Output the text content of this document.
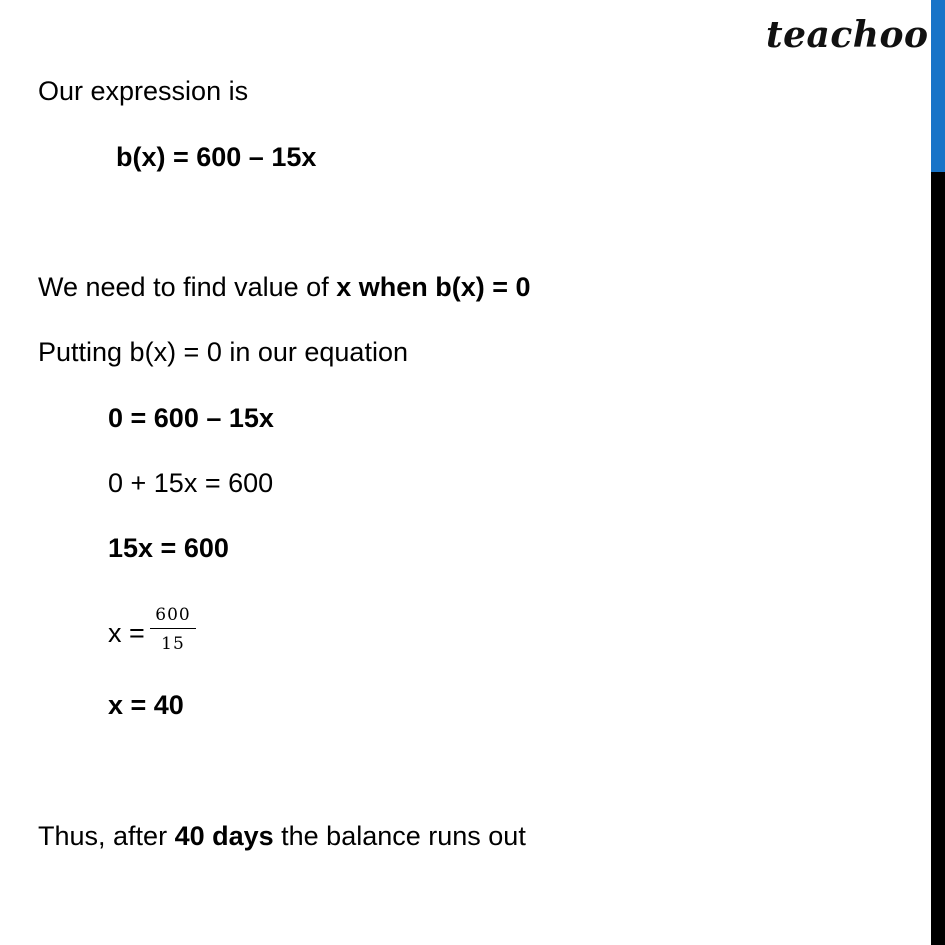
teachoo
Our expression is
b(x) = 600 – 15x
We need to find value of x when b(x) = 0
Putting b(x) = 0 in our equation
0 = 600 – 15x
0 + 15x = 600
15x = 600
x =
600
15
x = 40
Thus, after 40 days the balance runs out
